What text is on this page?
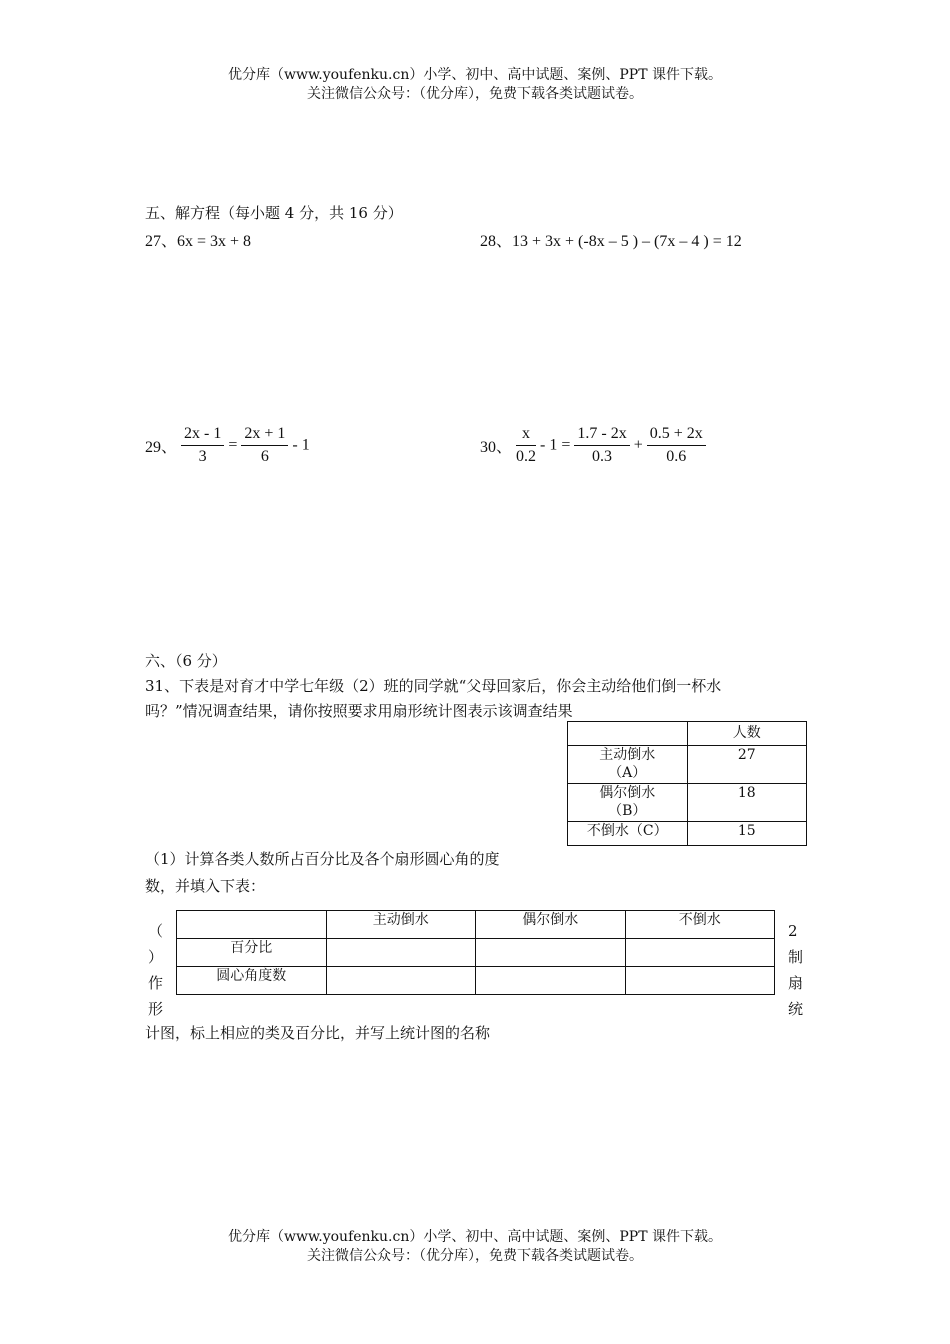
优分库（www.youfenku.cn）小学、初中、高中试题、案例、PPT 课件下载。
关注微信公众号：（优分库），免费下载各类试题试卷。
五、解方程（每小题 4 分，共 16 分）
27、6x = 3x + 8	28、13 + 3x + (-8x – 5 ) – (7x – 4 ) = 12
29、 $\frac{2x - 1}{3} = \frac{2x + 1}{6} - 1$	30、 $\frac{x}{0.2} - 1 = \frac{1.7 - 2x}{0.3} + \frac{0.5 + 2x}{0.6}$
六、（6 分）
31、下表是对育才中学七年级（2）班的同学就“父母回家后，你会主动给他们倒一杯水
吗？”情况调查结果，请你按照要求用扇形统计图表示该调查结果
	人数

主动倒水
（A）	27

偶尔倒水
（B）	18
不倒水（C）	15
（1）计算各类人数所占百分比及各个扇形圆心角的度
数，并填入下表：
	主动倒水	偶尔倒水	不倒水
百分比			
圆心角度数			
（
）
作
形
2
制
扇
统
计图，标上相应的类及百分比，并写上统计图的名称
优分库（www.youfenku.cn）小学、初中、高中试题、案例、PPT 课件下载。
关注微信公众号：（优分库），免费下载各类试题试卷。
